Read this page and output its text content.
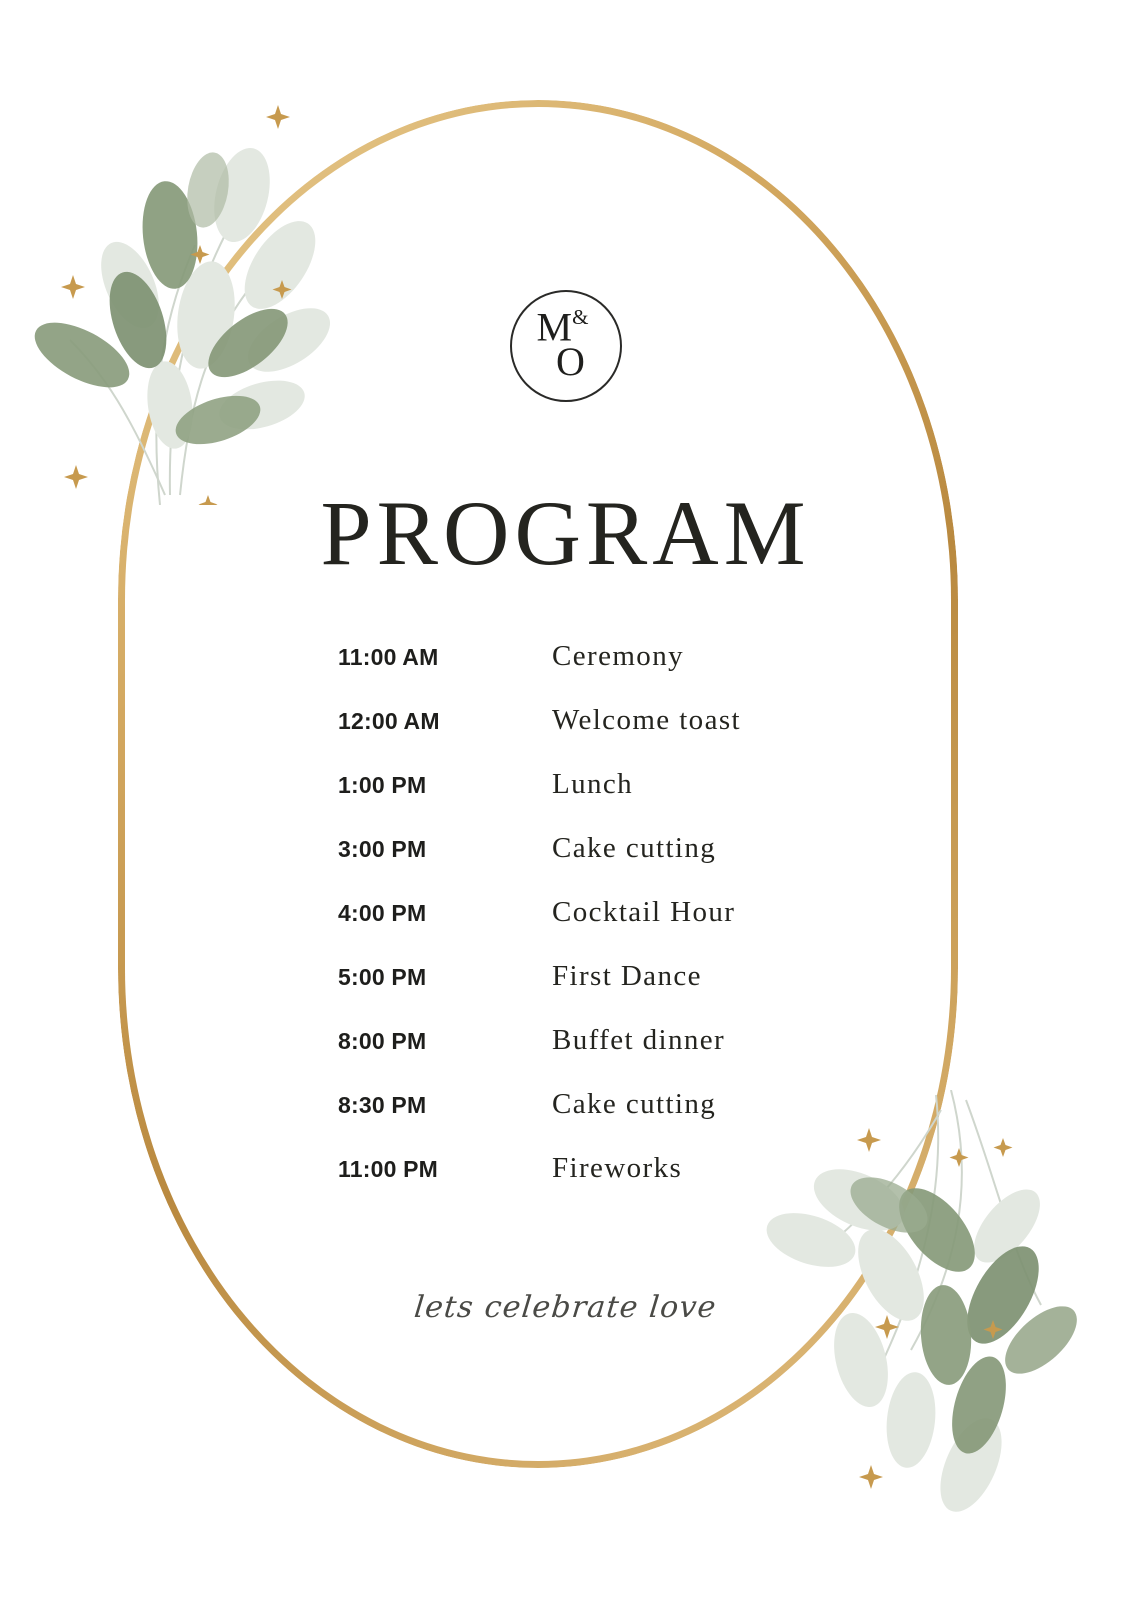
M&
O
PROGRAM
11:00 AM	Ceremony
12:00 AM	Welcome toast
1:00 PM	Lunch
3:00 PM	Cake cutting
4:00 PM	Cocktail Hour
5:00 PM	First Dance
8:00 PM	Buffet dinner
8:30 PM	Cake cutting
11:00 PM	Fireworks
lets celebrate love
